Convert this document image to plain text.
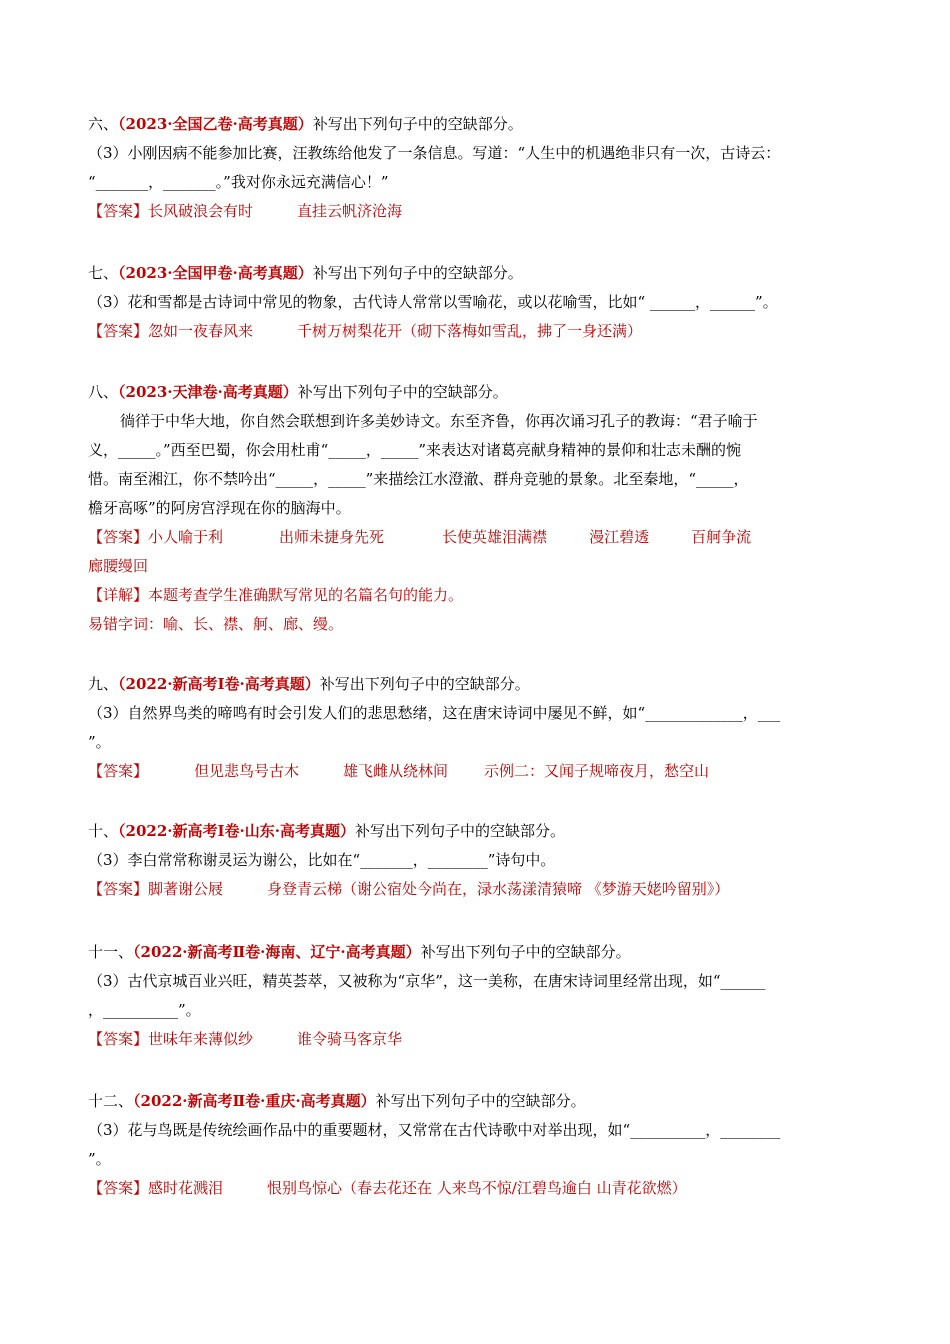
六、（2023·全国乙卷·高考真题）补写出下列句子中的空缺部分。
（3）小刚因病不能参加比赛，汪教练给他发了一条信息。写道：“人生中的机遇绝非只有一次，古诗云：
“_______，_______。”我对你永远充满信心！”
【答案】长风破浪会有时	直挂云帆济沧海
七、（2023·全国甲卷·高考真题）补写出下列句子中的空缺部分。
（3）花和雪都是古诗词中常见的物象，古代诗人常常以雪喻花，或以花喻雪，比如“ ______，______”。
【答案】忽如一夜春风来	千树万树梨花开（砌下落梅如雪乱，拂了一身还满）
八、（2023·天津卷·高考真题）补写出下列句子中的空缺部分。
徜徉于中华大地，你自然会联想到许多美妙诗文。东至齐鲁，你再次诵习孔子的教诲：“君子喻于
义，_____。”西至巴蜀，你会用杜甫“_____，_____”来表达对诸葛亮献身精神的景仰和壮志未酬的惋
惜。南至湘江，你不禁吟出“_____，_____”来描绘江水澄澈、群舟竞驰的景象。北至秦地，“_____，
檐牙高啄”的阿房宫浮现在你的脑海中。
【答案】小人喻于利	出师未捷身先死	长使英雄泪满襟	漫江碧透	百舸争流
廊腰缦回
【详解】本题考查学生准确默写常见的名篇名句的能力。
易错字词：喻、长、襟、舸、廊、缦。
九、（2022·新高考Ⅰ卷·高考真题）补写出下列句子中的空缺部分。
（3）自然界鸟类的啼鸣有时会引发人们的悲思愁绪，这在唐宋诗词中屡见不鲜，如“_____________，___
”。
【答案】	但见悲鸟号古木	雄飞雌从绕林间 示例二：又闻子规啼夜月，愁空山
十、（2022·新高考Ⅰ卷·山东·高考真题）补写出下列句子中的空缺部分。
（3）李白常常称谢灵运为谢公，比如在“_______，________”诗句中。
【答案】脚著谢公屐	身登青云梯（谢公宿处今尚在，渌水荡漾清猿啼 《梦游天姥吟留别》）
十一、（2022·新高考Ⅱ卷·海南、辽宁·高考真题）补写出下列句子中的空缺部分。
（3）古代京城百业兴旺，精英荟萃，又被称为“京华”，这一美称，在唐宋诗词里经常出现，如“______
，__________”。
【答案】世味年来薄似纱	谁令骑马客京华
十二、（2022·新高考Ⅱ卷·重庆·高考真题）补写出下列句子中的空缺部分。
（3）花与鸟既是传统绘画作品中的重要题材，又常常在古代诗歌中对举出现，如“__________，________
”。
【答案】感时花溅泪	恨别鸟惊心（春去花还在 人来鸟不惊/江碧鸟逾白 山青花欲燃）
